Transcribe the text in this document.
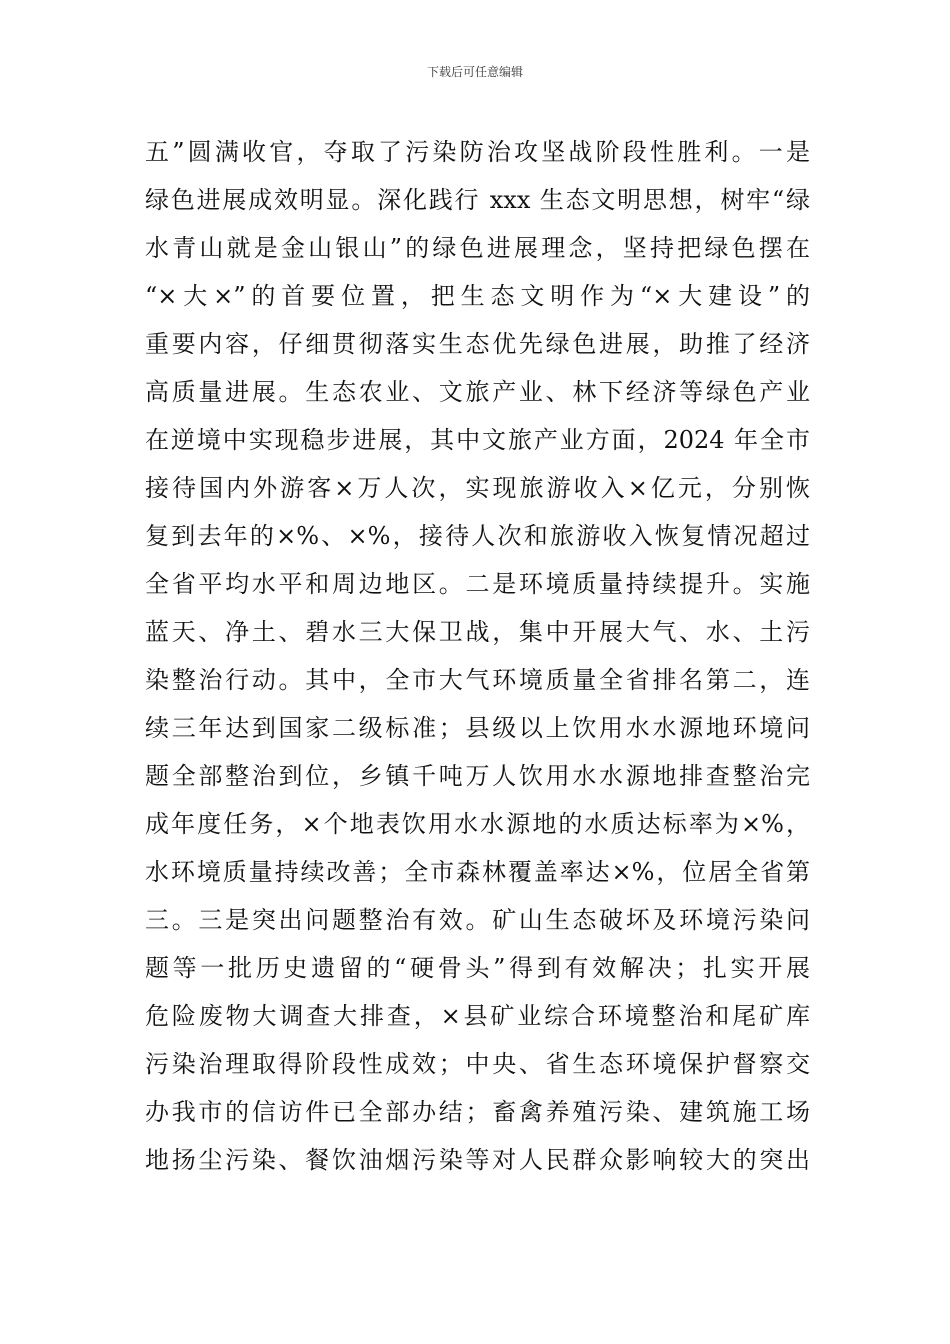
下载后可任意编辑
五”圆满收官，夺取了污染防治攻坚战阶段性胜利。一是
绿色进展成效明显。深化践行 xxx 生态文明思想，树牢“绿
水青山就是金山银山”的绿色进展理念，坚持把绿色摆在
“×大×”的首要位置，把生态文明作为“×大建设”的
重要内容，仔细贯彻落实生态优先绿色进展，助推了经济
高质量进展。生态农业、文旅产业、林下经济等绿色产业
在逆境中实现稳步进展，其中文旅产业方面，2024 年全市
接待国内外游客×万人次，实现旅游收入×亿元，分别恢
复到去年的×%、×%，接待人次和旅游收入恢复情况超过
全省平均水平和周边地区。二是环境质量持续提升。实施
蓝天、净土、碧水三大保卫战，集中开展大气、水、土污
染整治行动。其中，全市大气环境质量全省排名第二，连
续三年达到国家二级标准；县级以上饮用水水源地环境问
题全部整治到位，乡镇千吨万人饮用水水源地排查整治完
成年度任务，×个地表饮用水水源地的水质达标率为×%，
水环境质量持续改善；全市森林覆盖率达×%，位居全省第
三。三是突出问题整治有效。矿山生态破坏及环境污染问
题等一批历史遗留的“硬骨头”得到有效解决；扎实开展
危险废物大调查大排查，×县矿业综合环境整治和尾矿库
污染治理取得阶段性成效；中央、省生态环境保护督察交
办我市的信访件已全部办结；畜禽养殖污染、建筑施工场
地扬尘污染、餐饮油烟污染等对人民群众影响较大的突出
